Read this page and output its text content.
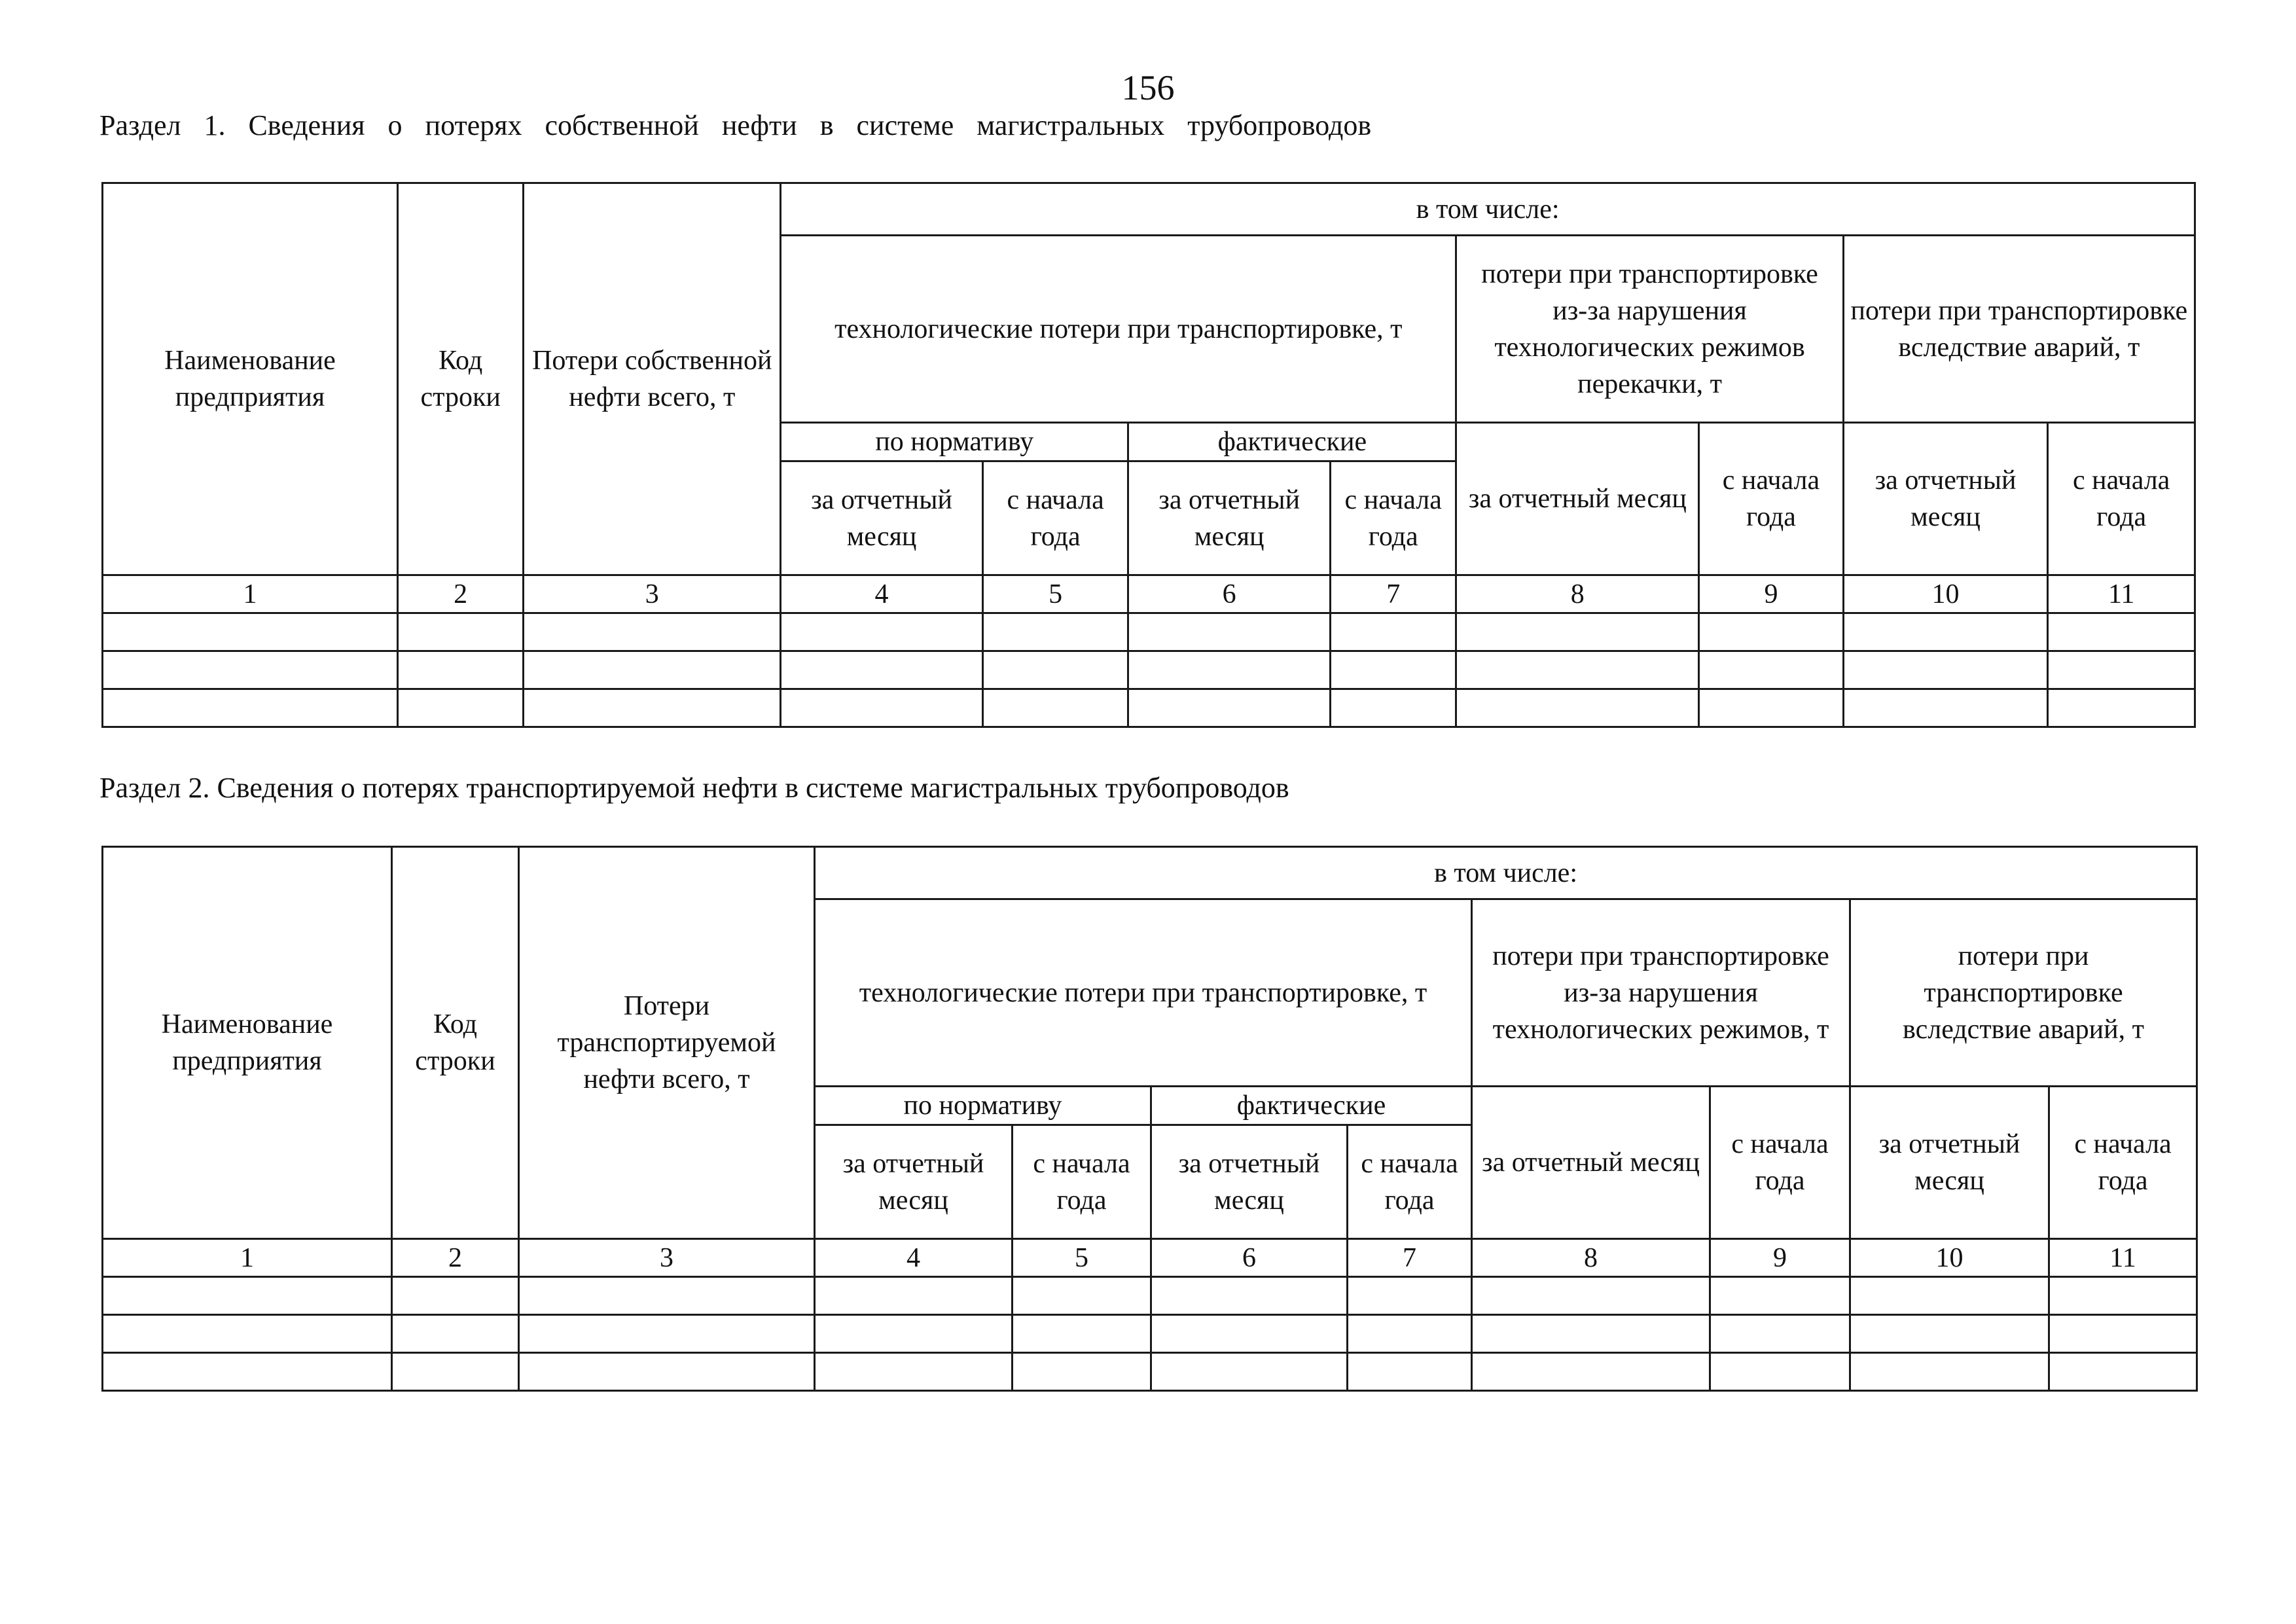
156
Раздел 1. Сведения о потерях собственной нефти в системе магистральных трубопроводов
Наименование предприятия	Код строки	Потери собственной нефти всего, т	в том числе:							
			технологические потери при транспортировке, т				потери при транспортировке из-за нарушения технологических режимов перекачки, т		потери при транспортировке вследствие аварий, т	
			по нормативу		фактические		за отчетный месяц	с начала года	за отчетный месяц	с начала года
			за отчетный месяц	с начала года	за отчетный месяц	с начала года				
1	2	3	4	5	6	7	8	9	10	11

Раздел 2. Сведения о потерях транспортируемой нефти в системе магистральных трубопроводов
Наименование предприятия	Код строки	Потери транспортируемой нефти всего, т	в том числе:							
			технологические потери при транспортировке, т				потери при транспортировке из-за нарушения технологических режимов, т		потери при транспортировке вследствие аварий, т	
			по нормативу		фактические		за отчетный месяц	с начала года	за отчетный месяц	с начала года
			за отчетный месяц	с начала года	за отчетный месяц	с начала года				
1	2	3	4	5	6	7	8	9	10	11
